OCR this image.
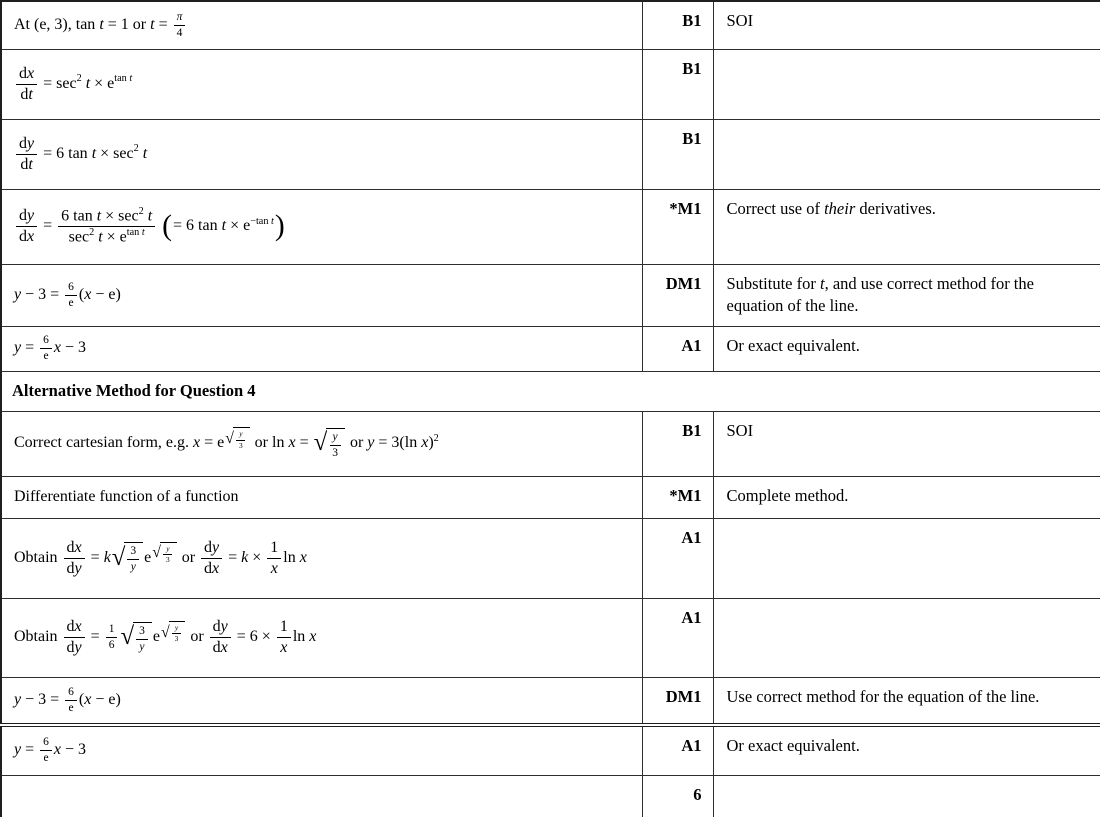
At (e, 3), tan t = 1 or $t = \frac{\pi}{4}$	B1	SOI

$\frac{dx}{dt} = \sec 2$ t × etan t	B1	

$\frac{dy}{dt} = 6$ tan t × sec2 t	B1	

$\frac{dy}{dx} = \frac{\text{6 tan t × sec2 t}}{\text{sec2 t × etan t}}$ (= 6 tan t × e−tan t)	*M1	Correct use of their derivatives.
$y - 3 = \frac{6}{e} (x - e)$	DM1	Substitute for t, and use correct method for the equation of the line.
$y = \frac{6}{e}$ x − 3	A1	Or exact equivalent.
Alternative Method for Question 4		
Correct cartesian form, e.g. x = e √ $\frac{y}{3}$ or ln x = √ $\frac{y}{3}$ or y = 3(ln x)2	B1	SOI
Differentiate function of a function	*M1	Complete method.
Obtain $\frac{dx}{dy} = k$ √ $\frac{3}{y}$ e √ $\frac{y}{3}$ or $\frac{dy}{dx} = k \times \frac{1}{x}$ ln x	A1	
Obtain $\frac{dx}{dy} = \frac{1}{6}$ √ $\frac{3}{y}$ e √ $\frac{y}{3}$ or $\frac{dy}{dx} = 6 \times \frac{1}{x}$ ln x	A1	
$y - 3 = \frac{6}{e} (x - e)$	DM1	Use correct method for the equation of the line.
$y = \frac{6}{e}$ x − 3	A1	Or exact equivalent.
	6	
